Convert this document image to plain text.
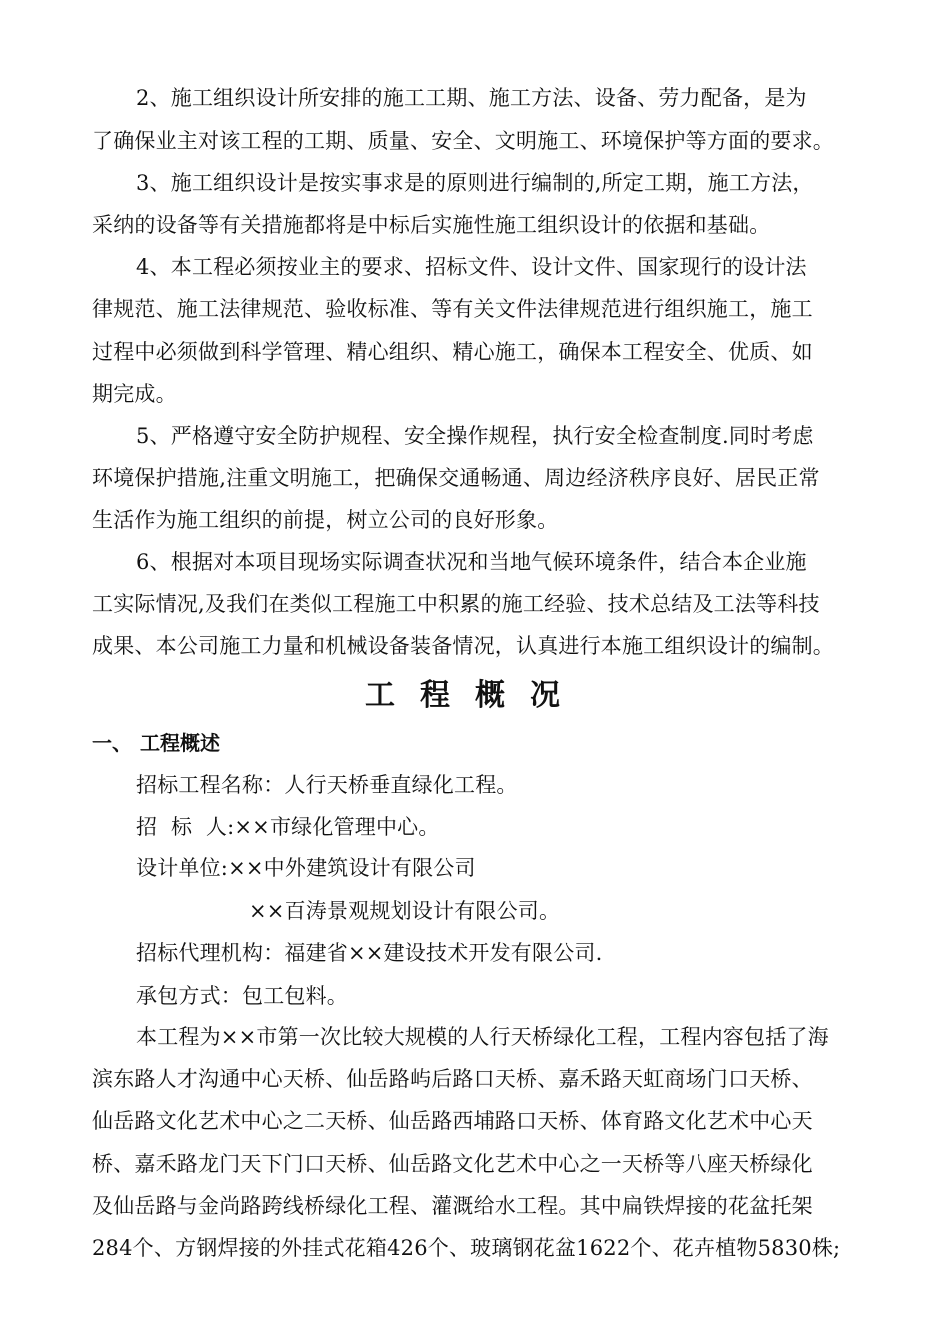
2、施工组织设计所安排的施工工期、施工方法、设备、劳力配备，是为
了确保业主对该工程的工期、质量、安全、文明施工、环境保护等方面的要求。
3、施工组织设计是按实事求是的原则进行编制的,所定工期，施工方法，
采纳的设备等有关措施都将是中标后实施性施工组织设计的依据和基础。
4、本工程必须按业主的要求、招标文件、设计文件、国家现行的设计法
律规范、施工法律规范、验收标准、等有关文件法律规范进行组织施工，施工
过程中必须做到科学管理、精心组织、精心施工，确保本工程安全、优质、如
期完成。
5、严格遵守安全防护规程、安全操作规程，执行安全检查制度.同时考虑
环境保护措施,注重文明施工，把确保交通畅通、周边经济秩序良好、居民正常
生活作为施工组织的前提，树立公司的良好形象。
6、根据对本项目现场实际调查状况和当地气候环境条件，结合本企业施
工实际情况,及我们在类似工程施工中积累的施工经验、技术总结及工法等科技
成果、本公司施工力量和机械设备装备情况，认真进行本施工组织设计的编制。
工程概况
一、 工程概述
招标工程名称：人行天桥垂直绿化工程。
招  标  人:××市绿化管理中心。
设计单位:××中外建筑设计有限公司
××百涛景观规划设计有限公司。
招标代理机构：福建省××建设技术开发有限公司.
承包方式：包工包料。
本工程为××市第一次比较大规模的人行天桥绿化工程，工程内容包括了海
滨东路人才沟通中心天桥、仙岳路屿后路口天桥、嘉禾路天虹商场门口天桥、
仙岳路文化艺术中心之二天桥、仙岳路西埔路口天桥、体育路文化艺术中心天
桥、嘉禾路龙门天下门口天桥、仙岳路文化艺术中心之一天桥等八座天桥绿化
及仙岳路与金尚路跨线桥绿化工程、灌溉给水工程。其中扁铁焊接的花盆托架
284个、方钢焊接的外挂式花箱426个、玻璃钢花盆1622个、花卉植物5830株;
